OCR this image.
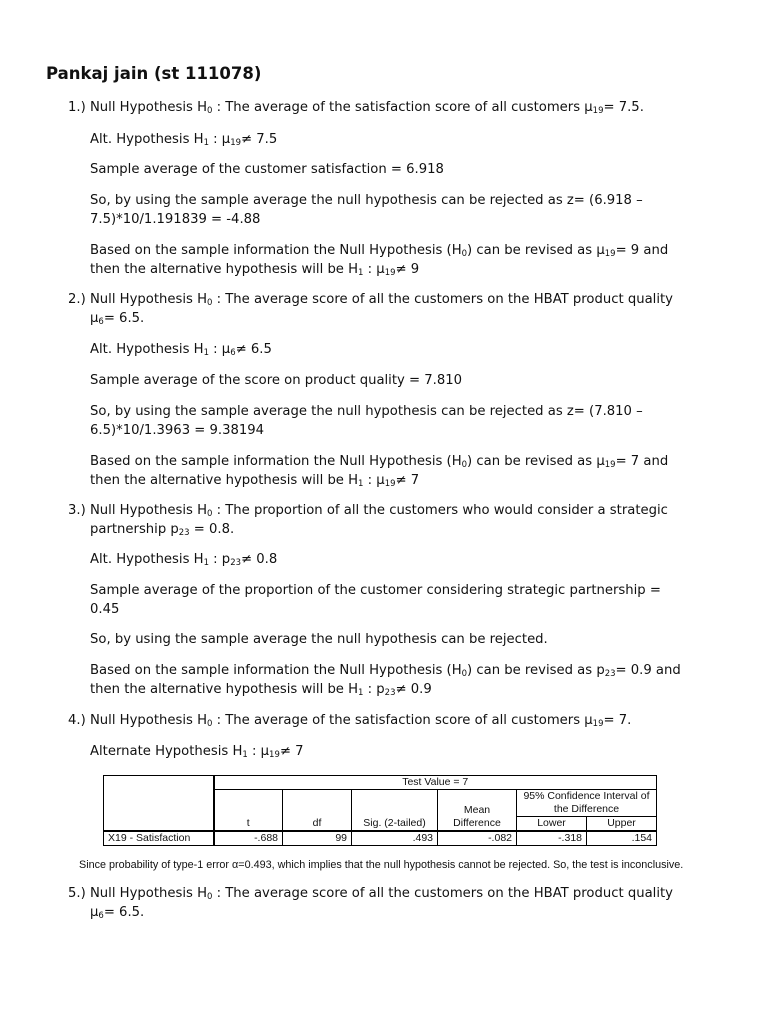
Pankaj jain (st 111078)
1.) Null Hypothesis $H_0$ : The average of the satisfaction score of all customers $\mu_{19}= 7.5$.
Alt. Hypothesis $H_1$ : $\mu_{19}\ne 7.5$
Sample average of the customer satisfaction = 6.918
So, by using the sample average the null hypothesis can be rejected as z= (6.918 –
7.5)*10/1.191839 = -4.88
Based on the sample information the Null Hypothesis $(H_0)$ can be revised as $\mu_{19}= 9$ and
then the alternative hypothesis will be $H_1$ : $\mu_{19}\ne 9$
2.) Null Hypothesis $H_0$ : The average score of all the customers on the HBAT product quality
$\mu_6= 6.5$.
Alt. Hypothesis $H_1$ : $\mu_6\ne 6.5$
Sample average of the score on product quality = 7.810
So, by using the sample average the null hypothesis can be rejected as z= (7.810 –
6.5)*10/1.3963 = 9.38194
Based on the sample information the Null Hypothesis $(H_0)$ can be revised as $\mu_{19}= 7$ and
then the alternative hypothesis will be $H_1$ : $\mu_{19}\ne 7$
3.) Null Hypothesis $H_0$ : The proportion of all the customers who would consider a strategic
partnership $p_{23} = 0.8$.
Alt. Hypothesis $H_1$ : $p_{23}\ne 0.8$
Sample average of the proportion of the customer considering strategic partnership =
0.45
So, by using the sample average the null hypothesis can be rejected.
Based on the sample information the Null Hypothesis $(H_0)$ can be revised as $p_{23}= 0.9$ and
then the alternative hypothesis will be $H_1$ : $p_{23}\ne 0.9$
4.) Null Hypothesis $H_0$ : The average of the satisfaction score of all customers $\mu_{19}= 7$.
Alternate Hypothesis $H_1$ : $\mu_{19}\ne 7$
	Test Value = 7					
	t	df	Sig. (2-tailed)	Mean Difference	95% Confidence Interval of the Difference	
					Lower	Upper
X19 - Satisfaction	-.688	99	.493	-.082	-.318	.154
Since probability of type-1 error α=0.493, which implies that the null hypothesis cannot be rejected. So, the test is inconclusive.
5.) Null Hypothesis $H_0$ : The average score of all the customers on the HBAT product quality
$\mu_6= 6.5$.
